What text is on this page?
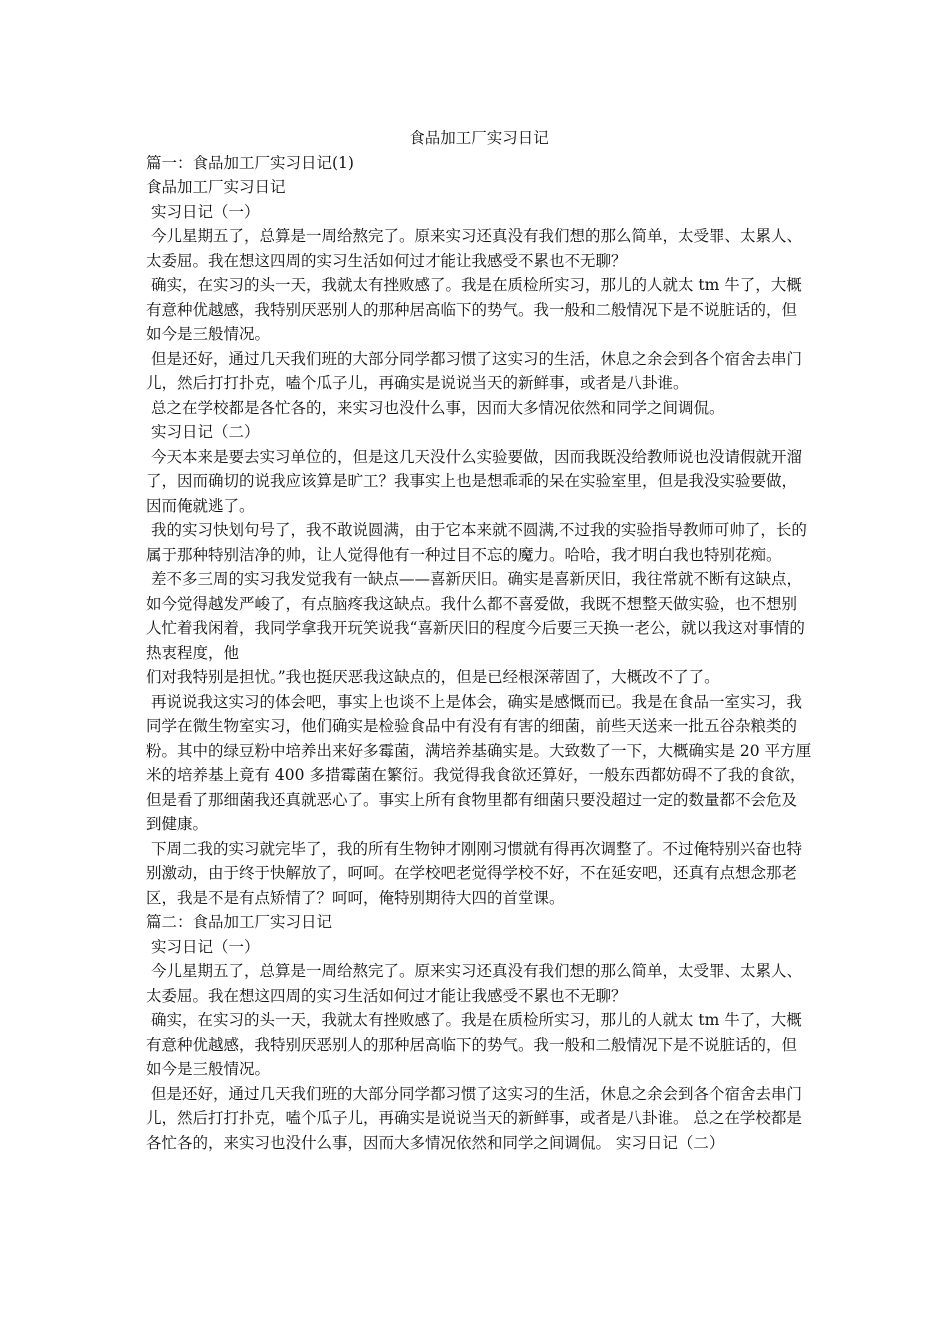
食品加工厂实习日记

篇一：食品加工厂实习日记(1)

食品加工厂实习日记

实习日记（一）

今儿星期五了，总算是一周给熬完了。原来实习还真没有我们想的那么简单，太受罪、太累人、太委屈。我在想这四周的实习生活如何过才能让我感受不累也不无聊？

确实，在实习的头一天，我就太有挫败感了。我是在质检所实习，那儿的人就太 tm 牛了，大概有意种优越感，我特别厌恶别人的那种居高临下的势气。我一般和二般情况下是不说脏话的，但如今是三般情况。

但是还好，通过几天我们班的大部分同学都习惯了这实习的生活，休息之余会到各个宿舍去串门儿，然后打打扑克，嗑个瓜子儿，再确实是说说当天的新鲜事，或者是八卦谁。

总之在学校都是各忙各的，来实习也没什么事，因而大多情况依然和同学之间调侃。

实习日记（二）

今天本来是要去实习单位的，但是这几天没什么实验要做，因而我既没给教师说也没请假就开溜了，因而确切的说我应该算是旷工？我事实上也是想乖乖的呆在实验室里，但是我没实验要做，因而俺就逃了。

我的实习快划句号了，我不敢说圆满，由于它本来就不圆满,不过我的实验指导教师可帅了，长的属于那种特别洁净的帅，让人觉得他有一种过目不忘的魔力。哈哈，我才明白我也特别花痴。

差不多三周的实习我发觉我有一缺点——喜新厌旧。确实是喜新厌旧，我往常就不断有这缺点，如今觉得越发严峻了，有点脑疼我这缺点。我什么都不喜爱做，我既不想整天做实验，也不想别人忙着我闲着，我同学拿我开玩笑说我“喜新厌旧的程度今后要三天换一老公，就以我这对事情的热衷程度，他

们对我特别是担忧。”我也挺厌恶我这缺点的，但是已经根深蒂固了，大概改不了了。

再说说我这实习的体会吧，事实上也谈不上是体会，确实是感慨而已。我是在食品一室实习，我同学在微生物室实习，他们确实是检验食品中有没有有害的细菌，前些天送来一批五谷杂粮类的粉。其中的绿豆粉中培养出来好多霉菌，满培养基确实是。大致数了一下，大概确实是 20 平方厘米的培养基上竟有 400 多措霉菌在繁衍。我觉得我食欲还算好，一般东西都妨碍不了我的食欲，但是看了那细菌我还真就恶心了。事实上所有食物里都有细菌只要没超过一定的数量都不会危及到健康。

下周二我的实习就完毕了，我的所有生物钟才刚刚习惯就有得再次调整了。不过俺特别兴奋也特别激动，由于终于快解放了，呵呵。在学校吧老觉得学校不好，不在延安吧，还真有点想念那老区，我是不是有点矫情了？呵呵，俺特别期待大四的首堂课。

篇二：食品加工厂实习日记

实习日记（一）

今儿星期五了，总算是一周给熬完了。原来实习还真没有我们想的那么简单，太受罪、太累人、太委屈。我在想这四周的实习生活如何过才能让我感受不累也不无聊？

确实，在实习的头一天，我就太有挫败感了。我是在质检所实习，那儿的人就太 tm 牛了，大概有意种优越感，我特别厌恶别人的那种居高临下的势气。我一般和二般情况下是不说脏话的，但如今是三般情况。

但是还好，通过几天我们班的大部分同学都习惯了这实习的生活，休息之余会到各个宿舍去串门儿，然后打打扑克，嗑个瓜子儿，再确实是说说当天的新鲜事，或者是八卦谁。 总之在学校都是各忙各的，来实习也没什么事，因而大多情况依然和同学之间调侃。 实习日记（二）
